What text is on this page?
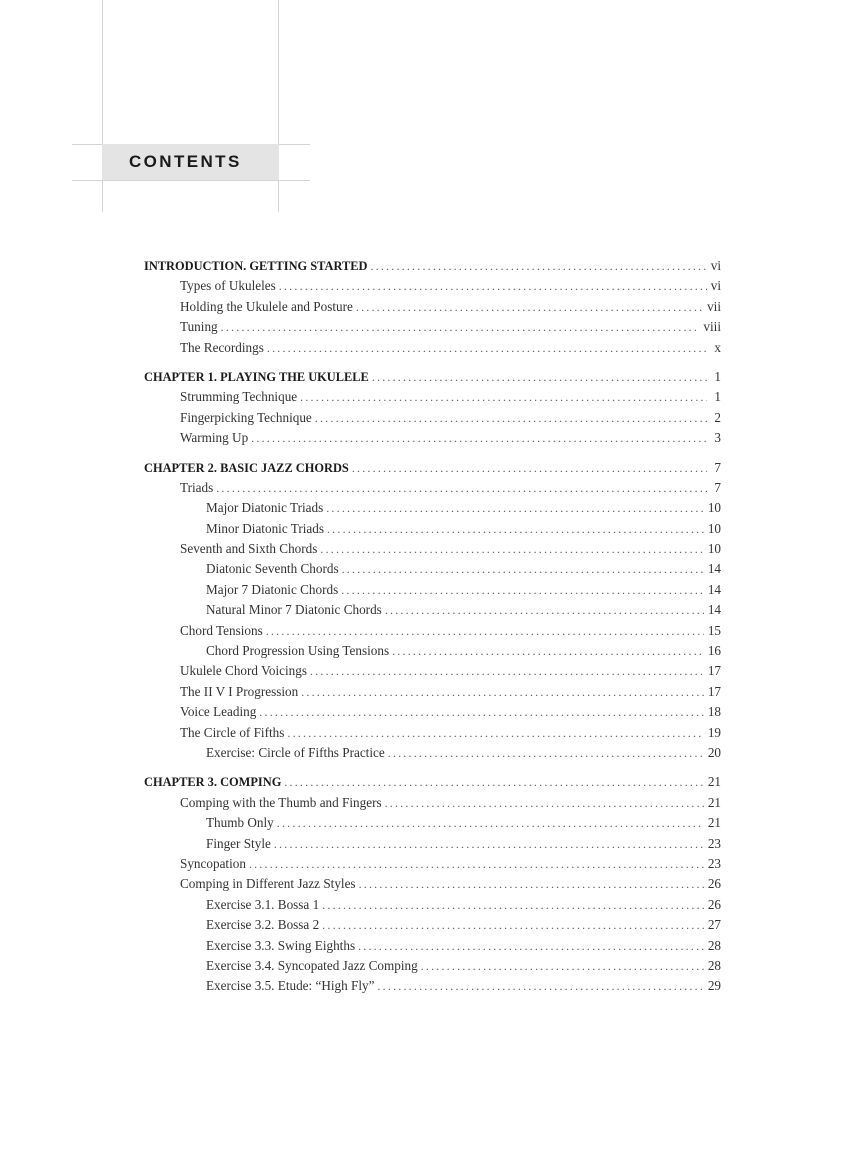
CONTENTS
INTRODUCTION. GETTING STARTED .....	vi
Types of Ukuleles .....	vi
Holding the Ukulele and Posture .....	vii
Tuning .....	viii
The Recordings .....	x
CHAPTER 1. PLAYING THE UKULELE .....	1
Strumming Technique .....	1
Fingerpicking Technique .....	2
Warming Up .....	3
CHAPTER 2. BASIC JAZZ CHORDS .....	7
Triads .....	7
Major Diatonic Triads .....	10
Minor Diatonic Triads .....	10
Seventh and Sixth Chords .....	10
Diatonic Seventh Chords .....	14
Major 7 Diatonic Chords .....	14
Natural Minor 7 Diatonic Chords .....	14
Chord Tensions .....	15
Chord Progression Using Tensions .....	16
Ukulele Chord Voicings .....	17
The II V I Progression .....	17
Voice Leading .....	18
The Circle of Fifths .....	19
Exercise: Circle of Fifths Practice .....	20
CHAPTER 3. COMPING .....	21
Comping with the Thumb and Fingers .....	21
Thumb Only .....	21
Finger Style .....	23
Syncopation .....	23
Comping in Different Jazz Styles .....	26
Exercise 3.1. Bossa 1 .....	26
Exercise 3.2. Bossa 2 .....	27
Exercise 3.3. Swing Eighths .....	28
Exercise 3.4. Syncopated Jazz Comping .....	28
Exercise 3.5. Etude: “High Fly” .....	29
